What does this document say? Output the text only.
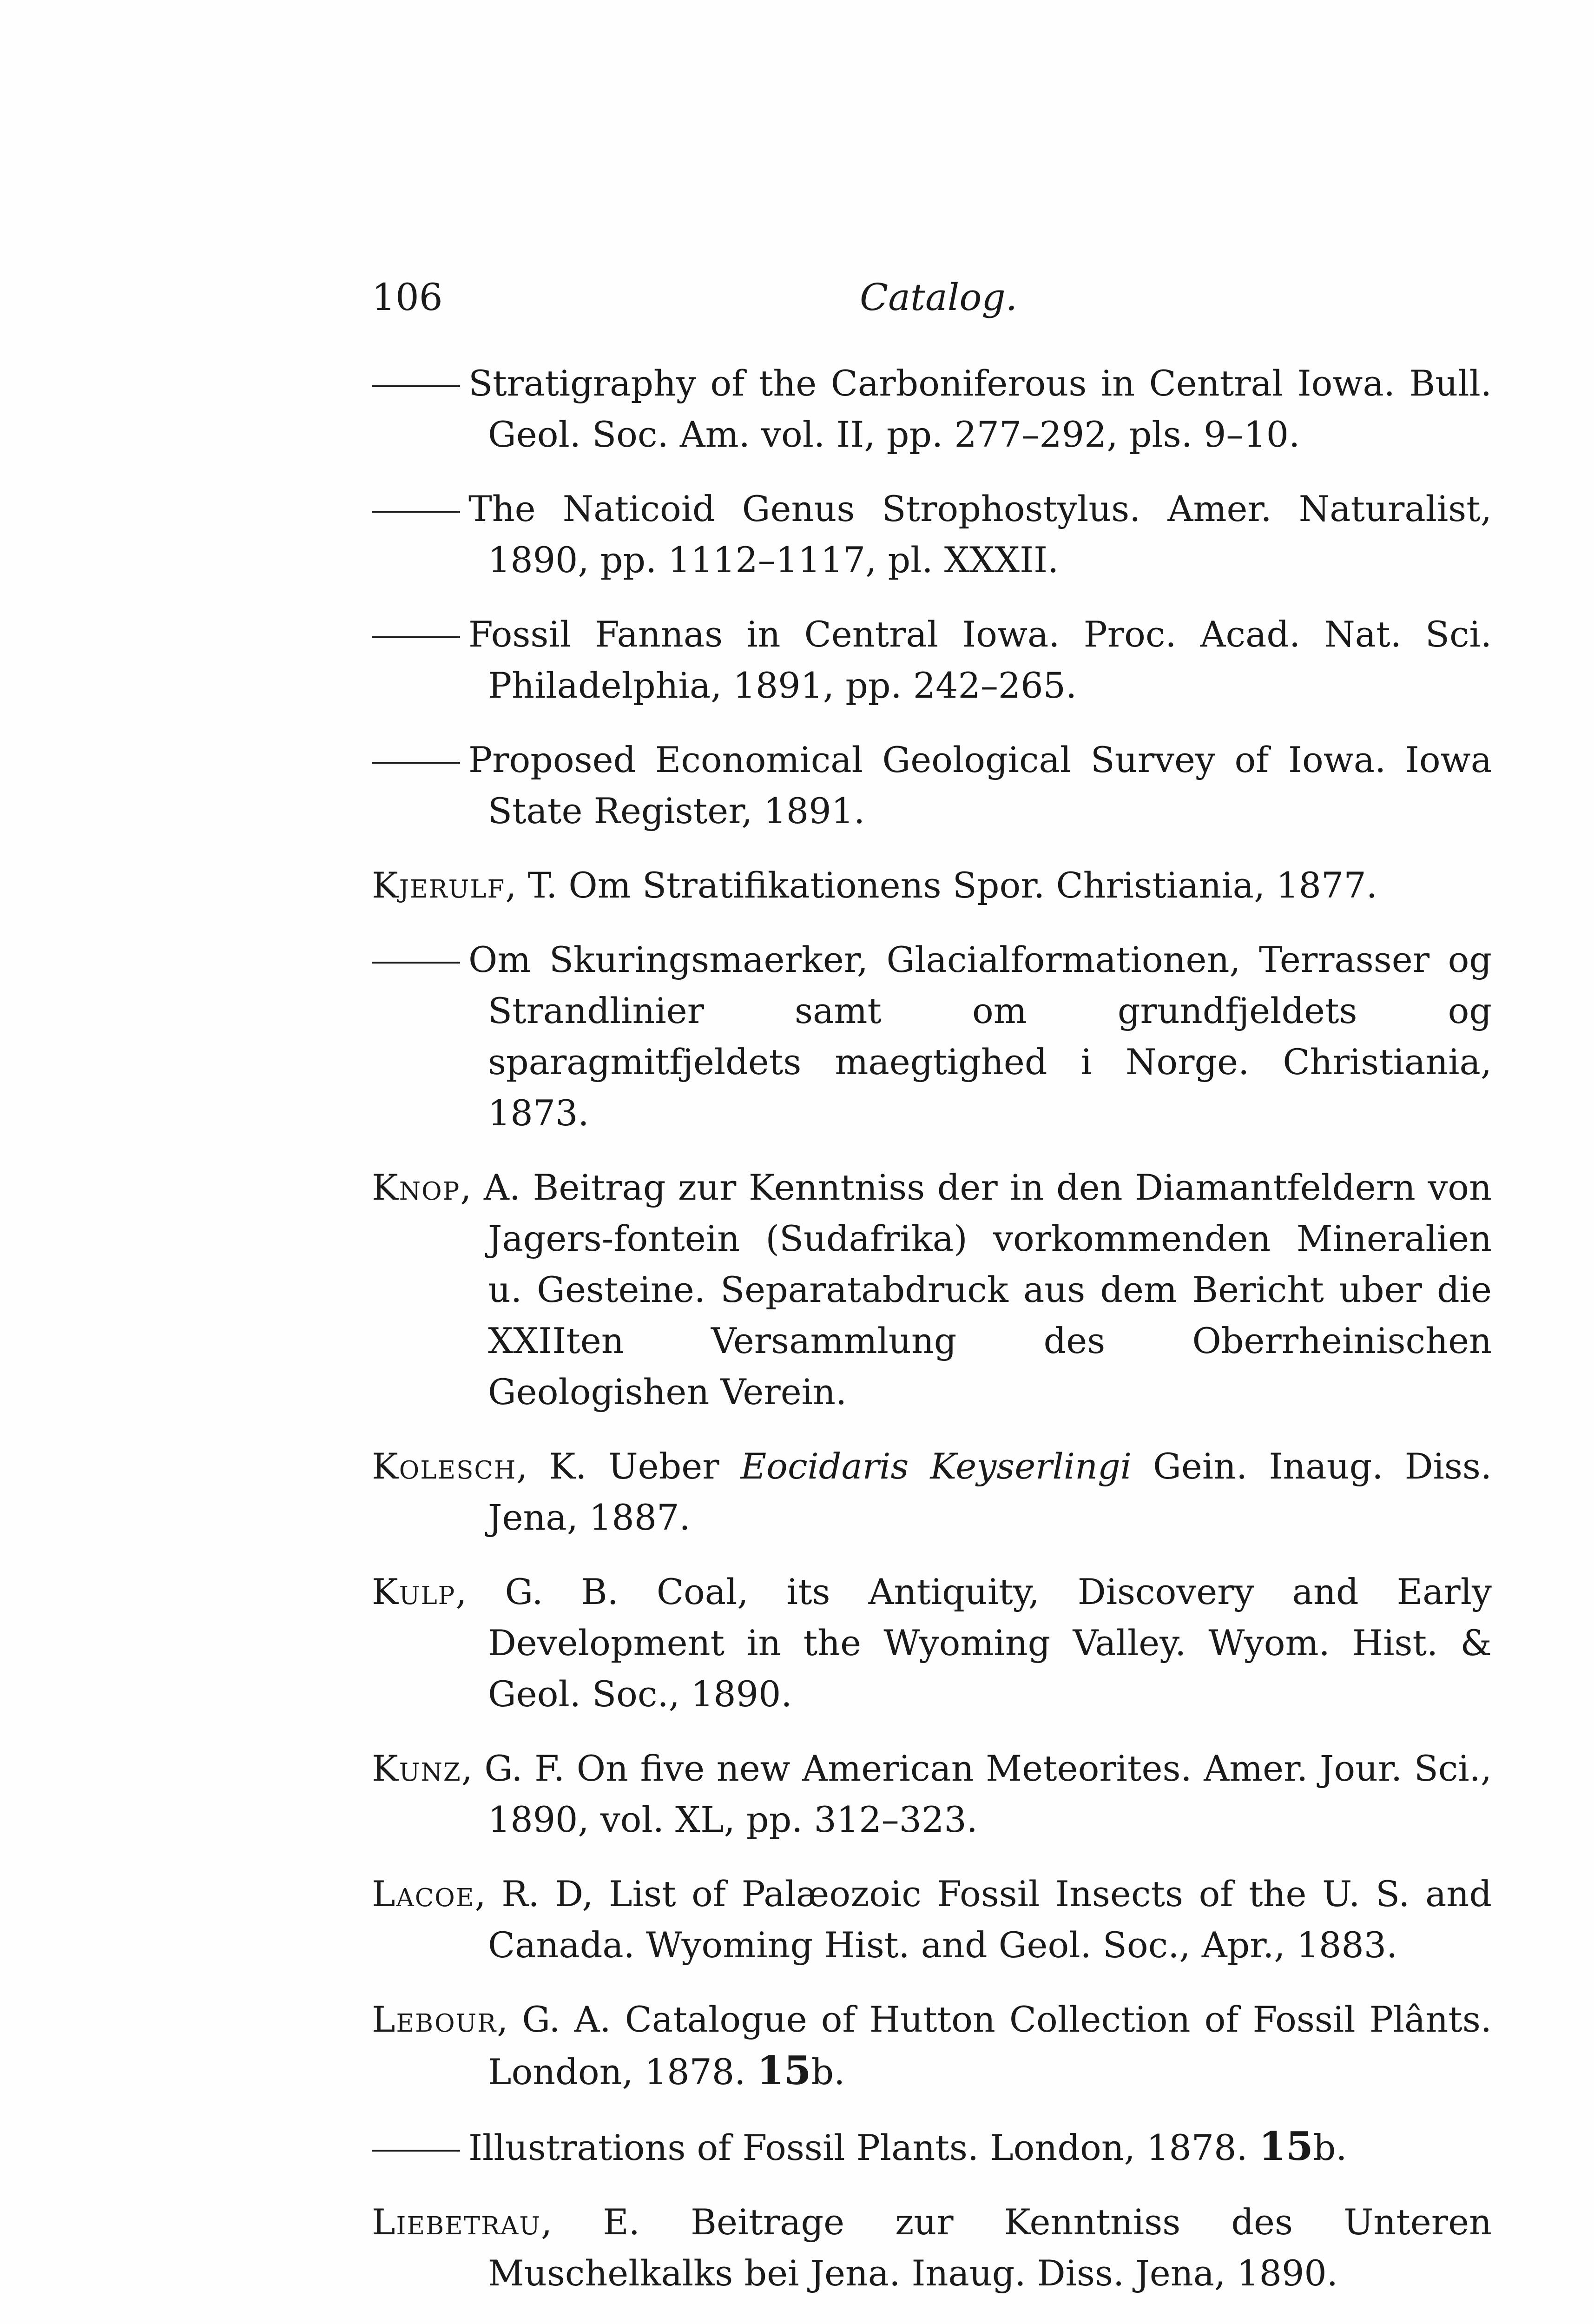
106	Catalog.

Stratigraphy of the Carboniferous in Central Iowa. Bull. Geol. Soc. Am. vol. II, pp. 277–292, pls. 9–10.

The Naticoid Genus Strophostylus. Amer. Naturalist, 1890, pp. 1112–1117, pl. XXXII.

Fossil Fannas in Central Iowa. Proc. Acad. Nat. Sci. Philadelphia, 1891, pp. 242–265.

Proposed Economical Geological Survey of Iowa. Iowa State Register, 1891.

Kjerulf, T. Om Stratifikationens Spor. Christiania, 1877.

Om Skuringsmaerker, Glacialformationen, Terrasser og Strandlinier samt om grundfjeldets og sparagmitfjeldets maegtighed i Norge. Christiania, 1873.

Knop, A. Beitrag zur Kenntniss der in den Diamantfeldern von Jagers-fontein (Sudafrika) vorkommenden Mineralien u. Gesteine. Separatabdruck aus dem Bericht uber die XXIIten Versammlung des Oberrheinischen Geologishen Verein.

Kolesch, K. Ueber Eocidaris Keyserlingi Gein. Inaug. Diss. Jena, 1887.

Kulp, G. B. Coal, its Antiquity, Discovery and Early Development in the Wyoming Valley. Wyom. Hist. & Geol. Soc., 1890.

Kunz, G. F. On five new American Meteorites. Amer. Jour. Sci., 1890, vol. XL, pp. 312–323.

Lacoe, R. D, List of Palæozoic Fossil Insects of the U. S. and Canada. Wyoming Hist. and Geol. Soc., Apr., 1883.

Lebour, G. A. Catalogue of Hutton Collection of Fossil Plânts. London, 1878. 15b.

Illustrations of Fossil Plants. London, 1878. 15b.

Liebetrau, E. Beitrage zur Kenntniss des Unteren Muschelkalks bei Jena. Inaug. Diss. Jena, 1890.
